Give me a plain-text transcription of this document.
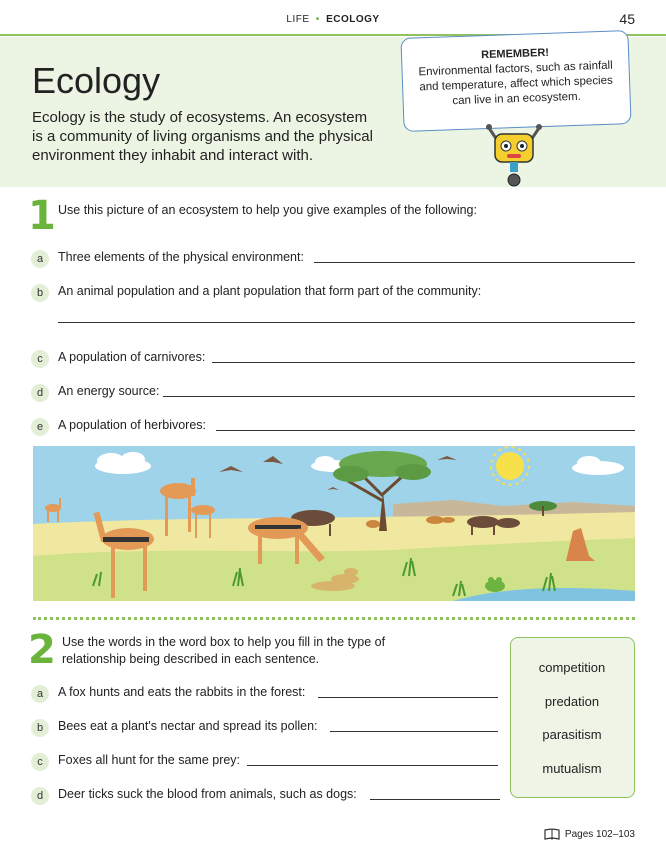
LIFE • ECOLOGY	45
Ecology
Ecology is the study of ecosystems. An ecosystem is a community of living organisms and the physical environment they inhabit and interact with.
REMEMBER!
Environmental factors, such as rainfall and temperature, affect which species can live in an ecosystem.
1 Use this picture of an ecosystem to help you give examples of the following:
a	Three elements of the physical environment:
b	An animal population and a plant population that form part of the community:
c	A population of carnivores:
d	An energy source:
e	A population of herbivores:
2 Use the words in the word box to help you fill in the type of relationship being described in each sentence.
a	A fox hunts and eats the rabbits in the forest:
b	Bees eat a plant's nectar and spread its pollen:
c	Foxes all hunt for the same prey:
d	Deer ticks suck the blood from animals, such as dogs:
competition
predation
parasitism
mutualism
Pages 102–103
